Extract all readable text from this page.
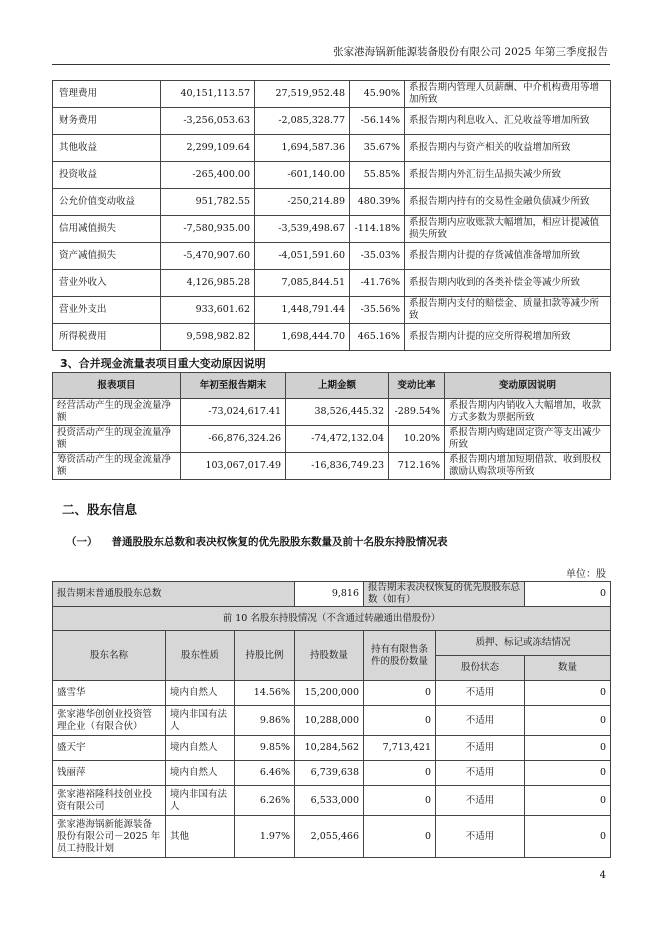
张家港海锅新能源装备股份有限公司 2025 年第三季度报告
管理费用	40,151,113.57	27,519,952.48	45.90%	系报告期内管理人员薪酬、中介机构费用等增加所致
财务费用	-3,256,053.63	-2,085,328.77	-56.14%	系报告期内利息收入、汇兑收益等增加所致
其他收益	2,299,109.64	1,694,587.36	35.67%	系报告期内与资产相关的收益增加所致
投资收益	-265,400.00	-601,140.00	55.85%	系报告期内外汇衍生品损失减少所致
公允价值变动收益	951,782.55	-250,214.89	480.39%	系报告期内持有的交易性金融负债减少所致
信用减值损失	-7,580,935.00	-3,539,498.67	-114.18%	系报告期内应收账款大幅增加，相应计提减值损失所致
资产减值损失	-5,470,907.60	-4,051,591.60	-35.03%	系报告期内计提的存货减值准备增加所致
营业外收入	4,126,985.28	7,085,844.51	-41.76%	系报告期内收到的各类补偿金等减少所致
营业外支出	933,601.62	1,448,791.44	-35.56%	系报告期内支付的赔偿金、质量扣款等减少所致
所得税费用	9,598,982.82	1,698,444.70	465.16%	系报告期内计提的应交所得税增加所致
3、合并现金流量表项目重大变动原因说明
报表项目	年初至报告期末	上期金额	变动比率	变动原因说明
经营活动产生的现金流量净额	-73,024,617.41	38,526,445.32	-289.54%	系报告期内内销收入大幅增加，收款方式多数为票据所致
投资活动产生的现金流量净额	-66,876,324.26	-74,472,132.04	10.20%	系报告期内购建固定资产等支出减少所致
筹资活动产生的现金流量净额	103,067,017.49	-16,836,749.23	712.16%	系报告期内增加短期借款、收到股权激励认购款项等所致
二、股东信息
（一） 普通股股东总数和表决权恢复的优先股股东数量及前十名股东持股情况表
单位：股
报告期末普通股股东总数			9,816	报告期末表决权恢复的优先股股东总数（如有）		0
前 10 名股东持股情况（不含通过转融通出借股份）						
股东名称	股东性质	持股比例	持股数量	持有有限售条件的股份数量	质押、标记或冻结情况	
					股份状态	数量
盛雪华	境内自然人	14.56%	15,200,000	0	不适用	0
张家港华创创业投资管理企业（有限合伙）	境内非国有法人	9.86%	10,288,000	0	不适用	0
盛天宇	境内自然人	9.85%	10,284,562	7,713,421	不适用	0
钱丽萍	境内自然人	6.46%	6,739,638	0	不适用	0
张家港裕隆科技创业投资有限公司	境内非国有法人	6.26%	6,533,000	0	不适用	0
张家港海锅新能源装备股份有限公司－2025 年员工持股计划	其他	1.97%	2,055,466	0	不适用	0
4
